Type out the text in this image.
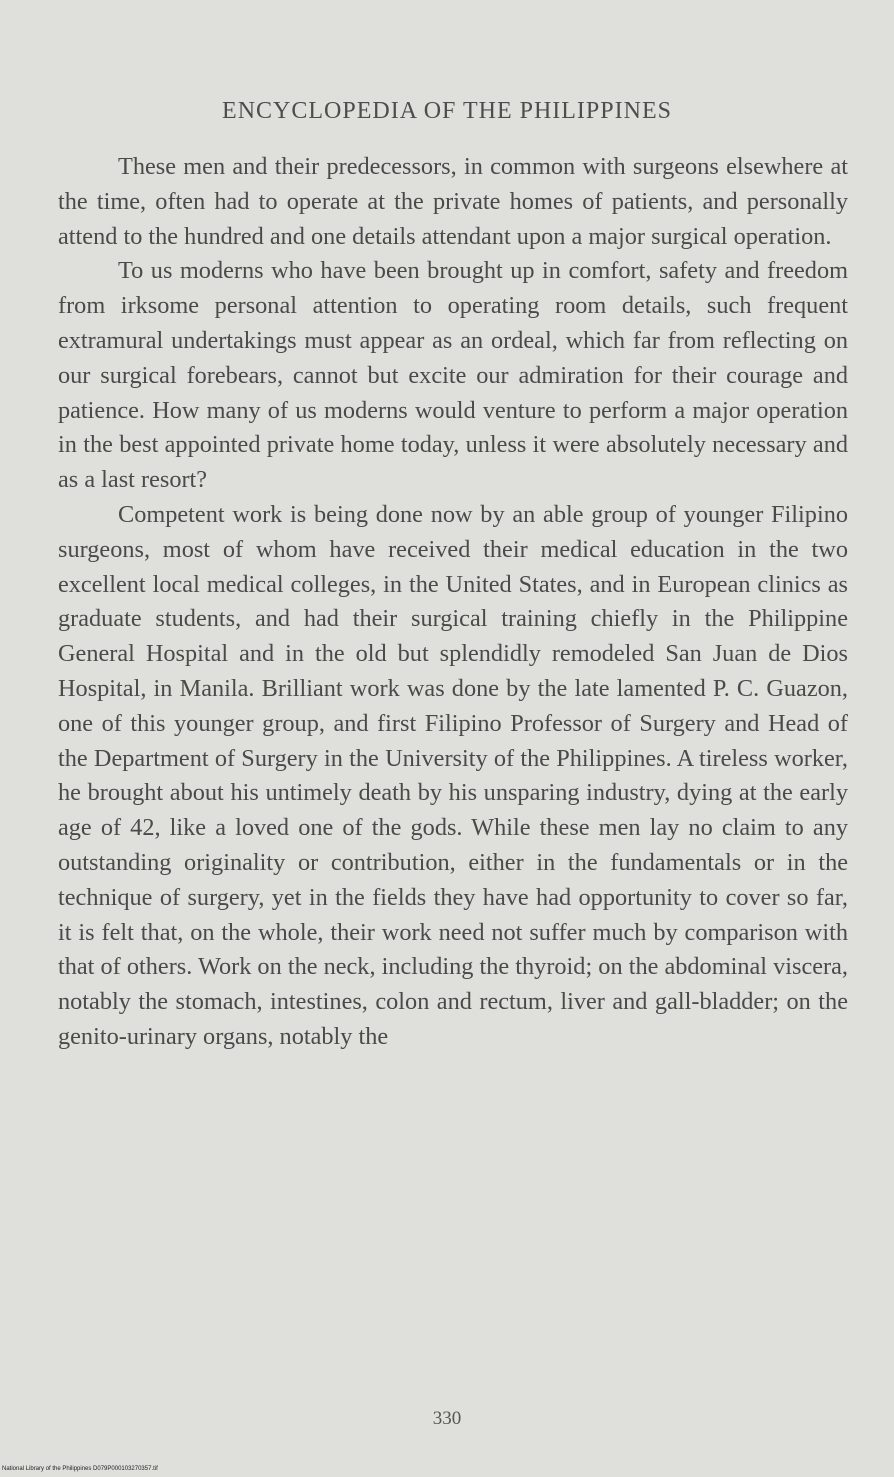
ENCYCLOPEDIA OF THE PHILIPPINES

These men and their predecessors, in common with surgeons elsewhere at the time, often had to operate at the private homes of patients, and personally attend to the hundred and one details attendant upon a major surgical operation.

To us moderns who have been brought up in comfort, safety and freedom from irksome personal attention to operating room details, such frequent extramural undertakings must appear as an ordeal, which far from reflecting on our surgical forebears, cannot but excite our admiration for their courage and patience. How many of us moderns would venture to perform a major operation in the best appointed private home today, unless it were absolutely necessary and as a last resort?

Competent work is being done now by an able group of younger Filipino surgeons, most of whom have received their medical education in the two excellent local medical colleges, in the United States, and in European clinics as graduate students, and had their surgical training chiefly in the Philippine General Hospital and in the old but splendidly remodeled San Juan de Dios Hospital, in Manila. Brilliant work was done by the late lamented P. C. Guazon, one of this younger group, and first Filipino Professor of Surgery and Head of the Department of Surgery in the University of the Philippines. A tireless worker, he brought about his untimely death by his unsparing industry, dying at the early age of 42, like a loved one of the gods. While these men lay no claim to any outstanding originality or contribution, either in the fundamentals or in the technique of surgery, yet in the fields they have had opportunity to cover so far, it is felt that, on the whole, their work need not suffer much by comparison with that of others. Work on the neck, including the thyroid; on the abdominal viscera, notably the stomach, intestines, colon and rectum, liver and gall-bladder; on the genito-urinary organs, notably the

330
National Library of the Philippines D079P000103270357.tif
